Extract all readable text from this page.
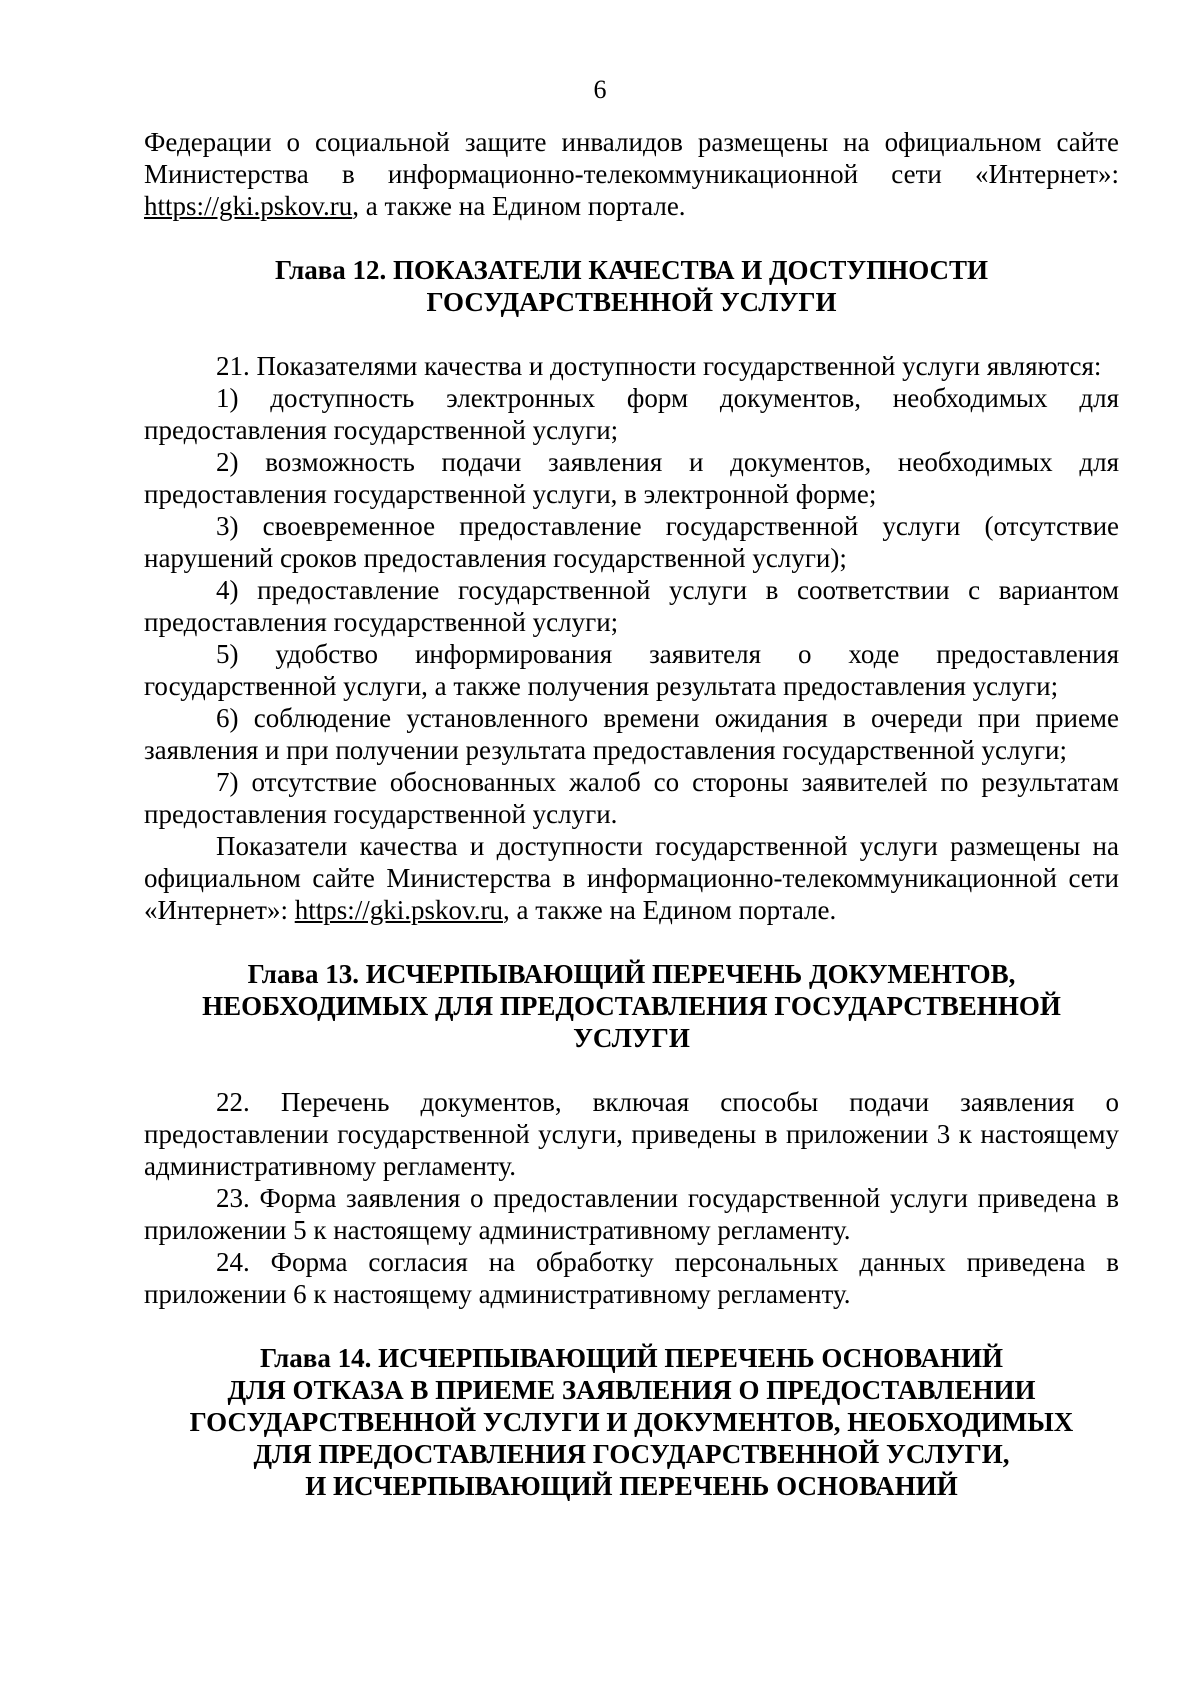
6

Федерации о социальной защите инвалидов размещены на официальном сайте Министерства в информационно-телекоммуникационной сети «Интернет»: https://gki.pskov.ru, а также на Едином портале.

Глава 12. ПОКАЗАТЕЛИ КАЧЕСТВА И ДОСТУПНОСТИ
ГОСУДАРСТВЕННОЙ УСЛУГИ

21. Показателями качества и доступности государственной услуги являются:

1) доступность электронных форм документов, необходимых для предоставления государственной услуги;

2) возможность подачи заявления и документов, необходимых для предоставления государственной услуги, в электронной форме;

3) своевременное предоставление государственной услуги (отсутствие нарушений сроков предоставления государственной услуги);

4) предоставление государственной услуги в соответствии с вариантом предоставления государственной услуги;

5) удобство информирования заявителя о ходе предоставления государственной услуги, а также получения результата предоставления услуги;

6) соблюдение установленного времени ожидания в очереди при приеме заявления и при получении результата предоставления государственной услуги;

7) отсутствие обоснованных жалоб со стороны заявителей по результатам предоставления государственной услуги.

Показатели качества и доступности государственной услуги размещены на официальном сайте Министерства в информационно-телекоммуникационной сети «Интернет»: https://gki.pskov.ru, а также на Едином портале.

Глава 13. ИСЧЕРПЫВАЮЩИЙ ПЕРЕЧЕНЬ ДОКУМЕНТОВ,
НЕОБХОДИМЫХ ДЛЯ ПРЕДОСТАВЛЕНИЯ ГОСУДАРСТВЕННОЙ
УСЛУГИ

22. Перечень документов, включая способы подачи заявления о предоставлении государственной услуги, приведены в приложении 3 к настоящему административному регламенту.

23. Форма заявления о предоставлении государственной услуги приведена в приложении 5 к настоящему административному регламенту.

24. Форма согласия на обработку персональных данных приведена в приложении 6 к настоящему административному регламенту.

Глава 14. ИСЧЕРПЫВАЮЩИЙ ПЕРЕЧЕНЬ ОСНОВАНИЙ
ДЛЯ ОТКАЗА В ПРИЕМЕ ЗАЯВЛЕНИЯ О ПРЕДОСТАВЛЕНИИ
ГОСУДАРСТВЕННОЙ УСЛУГИ И ДОКУМЕНТОВ, НЕОБХОДИМЫХ
ДЛЯ ПРЕДОСТАВЛЕНИЯ ГОСУДАРСТВЕННОЙ УСЛУГИ,
И ИСЧЕРПЫВАЮЩИЙ ПЕРЕЧЕНЬ ОСНОВАНИЙ
